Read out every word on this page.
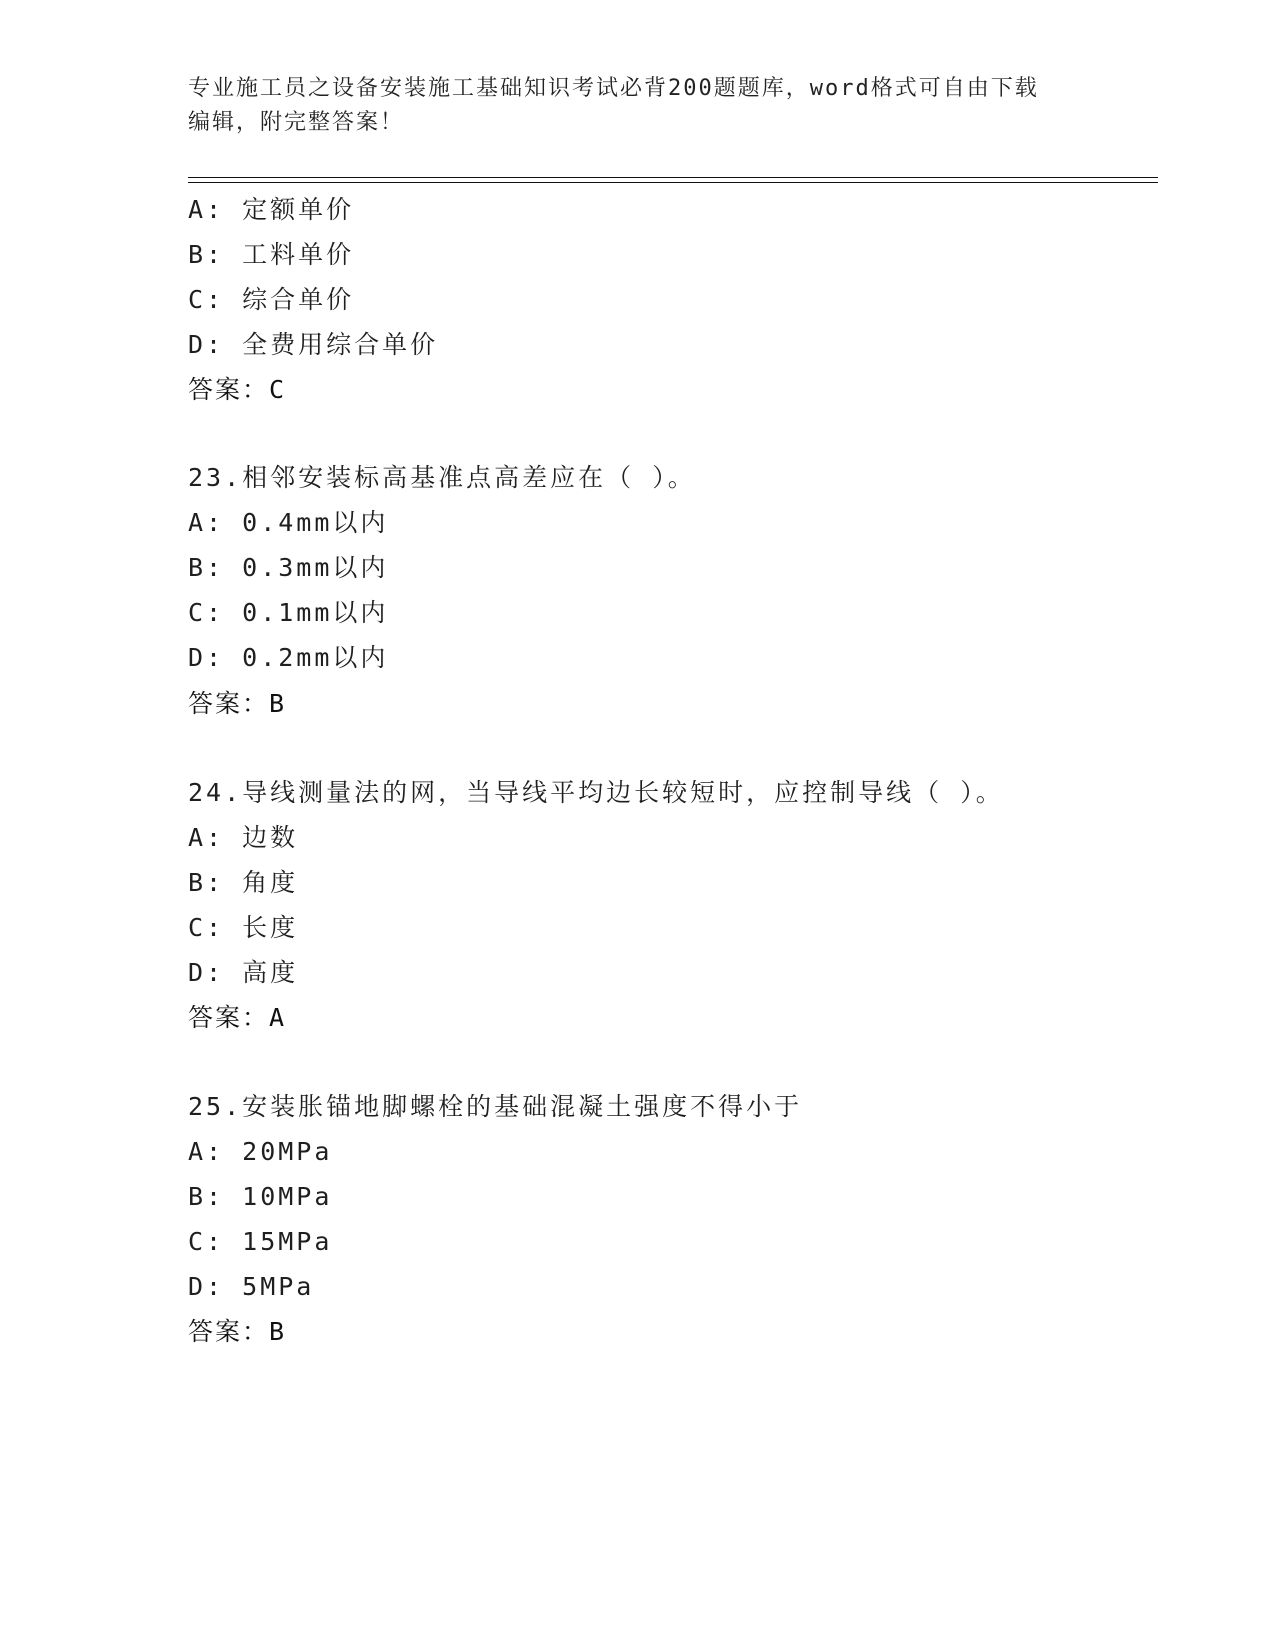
专业施工员之设备安装施工基础知识考试必背200题题库，word格式可自由下载
编辑，附完整答案！
A: 定额单价
B: 工料单价
C: 综合单价
D: 全费用综合单价
答案：C
23.相邻安装标高基准点高差应在（ ）。
A: 0.4mm以内
B: 0.3mm以内
C: 0.1mm以内
D: 0.2mm以内
答案：B
24.导线测量法的网，当导线平均边长较短时，应控制导线（ ）。
A: 边数
B: 角度
C: 长度
D: 高度
答案：A
25.安装胀锚地脚螺栓的基础混凝土强度不得小于
A: 20MPa
B: 10MPa
C: 15MPa
D: 5MPa
答案：B
